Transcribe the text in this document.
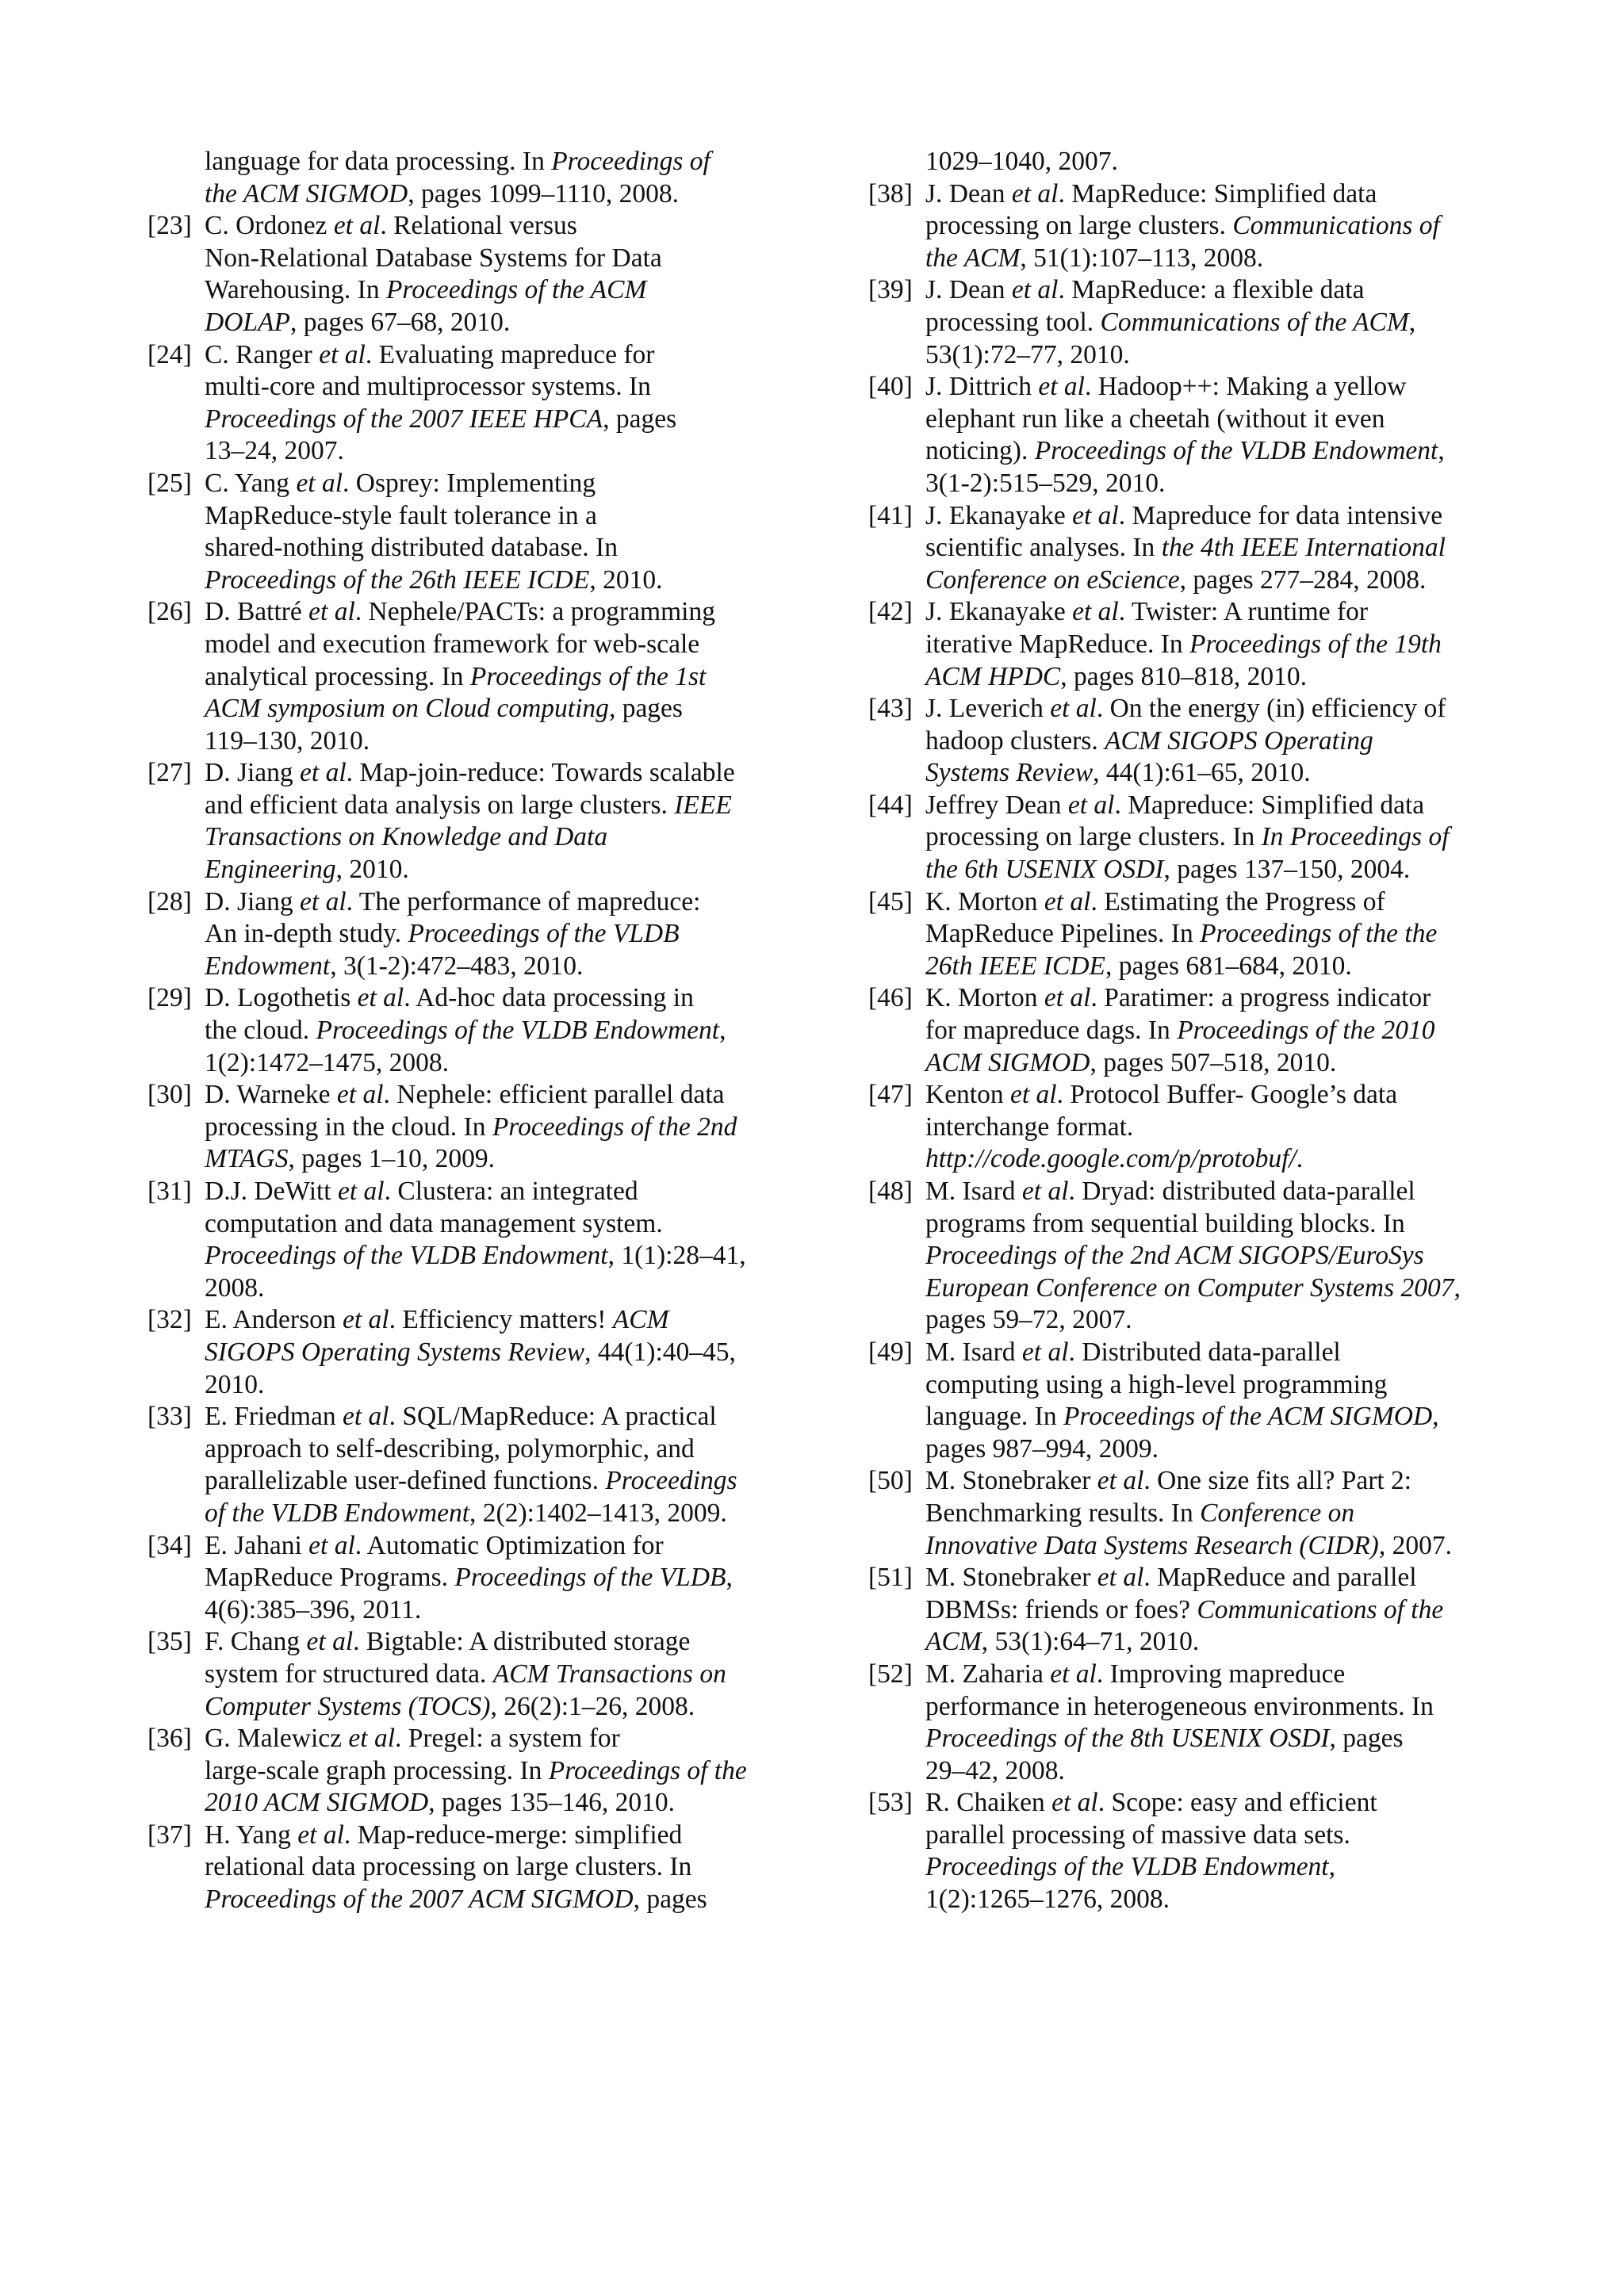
language for data processing. In Proceedings of
the ACM SIGMOD, pages 1099–1110, 2008.
[23] C. Ordonez et al. Relational versus
Non-Relational Database Systems for Data
Warehousing. In Proceedings of the ACM
DOLAP, pages 67–68, 2010.
[24] C. Ranger et al. Evaluating mapreduce for
multi-core and multiprocessor systems. In
Proceedings of the 2007 IEEE HPCA, pages
13–24, 2007.
[25] C. Yang et al. Osprey: Implementing
MapReduce-style fault tolerance in a
shared-nothing distributed database. In
Proceedings of the 26th IEEE ICDE, 2010.
[26] D. Battré et al. Nephele/PACTs: a programming
model and execution framework for web-scale
analytical processing. In Proceedings of the 1st
ACM symposium on Cloud computing, pages
119–130, 2010.
[27] D. Jiang et al. Map-join-reduce: Towards scalable
and efficient data analysis on large clusters. IEEE
Transactions on Knowledge and Data
Engineering, 2010.
[28] D. Jiang et al. The performance of mapreduce:
An in-depth study. Proceedings of the VLDB
Endowment, 3(1-2):472–483, 2010.
[29] D. Logothetis et al. Ad-hoc data processing in
the cloud. Proceedings of the VLDB Endowment,
1(2):1472–1475, 2008.
[30] D. Warneke et al. Nephele: efficient parallel data
processing in the cloud. In Proceedings of the 2nd
MTAGS, pages 1–10, 2009.
[31] D.J. DeWitt et al. Clustera: an integrated
computation and data management system.
Proceedings of the VLDB Endowment, 1(1):28–41,
2008.
[32] E. Anderson et al. Efficiency matters! ACM
SIGOPS Operating Systems Review, 44(1):40–45,
2010.
[33] E. Friedman et al. SQL/MapReduce: A practical
approach to self-describing, polymorphic, and
parallelizable user-defined functions. Proceedings
of the VLDB Endowment, 2(2):1402–1413, 2009.
[34] E. Jahani et al. Automatic Optimization for
MapReduce Programs. Proceedings of the VLDB,
4(6):385–396, 2011.
[35] F. Chang et al. Bigtable: A distributed storage
system for structured data. ACM Transactions on
Computer Systems (TOCS), 26(2):1–26, 2008.
[36] G. Malewicz et al. Pregel: a system for
large-scale graph processing. In Proceedings of the
2010 ACM SIGMOD, pages 135–146, 2010.
[37] H. Yang et al. Map-reduce-merge: simplified
relational data processing on large clusters. In
Proceedings of the 2007 ACM SIGMOD, pages
1029–1040, 2007.
[38] J. Dean et al. MapReduce: Simplified data
processing on large clusters. Communications of
the ACM, 51(1):107–113, 2008.
[39] J. Dean et al. MapReduce: a flexible data
processing tool. Communications of the ACM,
53(1):72–77, 2010.
[40] J. Dittrich et al. Hadoop++: Making a yellow
elephant run like a cheetah (without it even
noticing). Proceedings of the VLDB Endowment,
3(1-2):515–529, 2010.
[41] J. Ekanayake et al. Mapreduce for data intensive
scientific analyses. In the 4th IEEE International
Conference on eScience, pages 277–284, 2008.
[42] J. Ekanayake et al. Twister: A runtime for
iterative MapReduce. In Proceedings of the 19th
ACM HPDC, pages 810–818, 2010.
[43] J. Leverich et al. On the energy (in) efficiency of
hadoop clusters. ACM SIGOPS Operating
Systems Review, 44(1):61–65, 2010.
[44] Jeffrey Dean et al. Mapreduce: Simplified data
processing on large clusters. In In Proceedings of
the 6th USENIX OSDI, pages 137–150, 2004.
[45] K. Morton et al. Estimating the Progress of
MapReduce Pipelines. In Proceedings of the the
26th IEEE ICDE, pages 681–684, 2010.
[46] K. Morton et al. Paratimer: a progress indicator
for mapreduce dags. In Proceedings of the 2010
ACM SIGMOD, pages 507–518, 2010.
[47] Kenton et al. Protocol Buffer- Google’s data
interchange format.
http://code.google.com/p/protobuf/.
[48] M. Isard et al. Dryad: distributed data-parallel
programs from sequential building blocks. In
Proceedings of the 2nd ACM SIGOPS/EuroSys
European Conference on Computer Systems 2007,
pages 59–72, 2007.
[49] M. Isard et al. Distributed data-parallel
computing using a high-level programming
language. In Proceedings of the ACM SIGMOD,
pages 987–994, 2009.
[50] M. Stonebraker et al. One size fits all? Part 2:
Benchmarking results. In Conference on
Innovative Data Systems Research (CIDR), 2007.
[51] M. Stonebraker et al. MapReduce and parallel
DBMSs: friends or foes? Communications of the
ACM, 53(1):64–71, 2010.
[52] M. Zaharia et al. Improving mapreduce
performance in heterogeneous environments. In
Proceedings of the 8th USENIX OSDI, pages
29–42, 2008.
[53] R. Chaiken et al. Scope: easy and efficient
parallel processing of massive data sets.
Proceedings of the VLDB Endowment,
1(2):1265–1276, 2008.
